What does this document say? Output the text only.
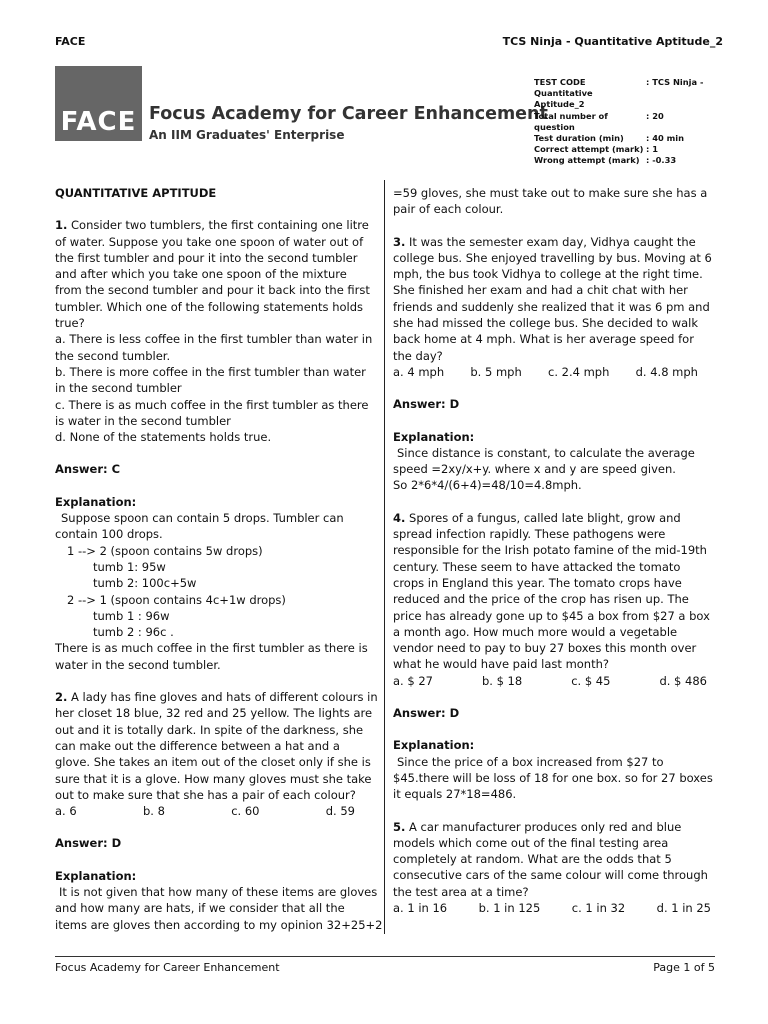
FACE	TCS Ninja - Quantitative Aptitude_2
FACE Focus Academy for Career Enhancement
An IIM Graduates' Enterprise
TEST CODE	: TCS Ninja -
Quantitative Aptitude_2
Total number of question
: 20
Test duration (min)	: 40 min
Correct attempt (mark) : 1
Wrong attempt (mark) : -0.33
QUANTITATIVE APTITUDE
1. Consider two tumblers, the first containing one litre
of water. Suppose you take one spoon of water out of
the first tumbler and pour it into the second tumbler
and after which you take one spoon of the mixture
from the second tumbler and pour it back into the first
tumbler. Which one of the following statements holds
true?
a. There is less coffee in the first tumbler than water in
the second tumbler.
b. There is more coffee in the first tumbler than water
in the second tumbler
c. There is as much coffee in the first tumbler as there
is water in the second tumbler
d. None of the statements holds true.
Answer: C
Explanation:
Suppose spoon can contain 5 drops. Tumbler can
contain 100 drops.
1 --> 2 (spoon contains 5w drops)
tumb 1: 95w
tumb 2: 100c+5w
2 --> 1 (spoon contains 4c+1w drops)
tumb 1 : 96w
tumb 2 : 96c .
There is as much coffee in the first tumbler as there is
water in the second tumbler.
2. A lady has fine gloves and hats of different colours in
her closet 18 blue, 32 red and 25 yellow. The lights are
out and it is totally dark. In spite of the darkness, she
can make out the difference between a hat and a
glove. She takes an item out of the closet only if she is
sure that it is a glove. How many gloves must she take
out to make sure that she has a pair of each colour?
a. 6	b. 8	c. 60	d. 59
Answer: D
Explanation:
It is not given that how many of these items are gloves
and how many are hats, if we consider that all the
items are gloves then according to my opinion 32+25+2
=59 gloves, she must take out to make sure she has a
pair of each colour.
3. It was the semester exam day, Vidhya caught the
college bus. She enjoyed travelling by bus. Moving at 6
mph, the bus took Vidhya to college at the right time.
She finished her exam and had a chit chat with her
friends and suddenly she realized that it was 6 pm and
she had missed the college bus. She decided to walk
back home at 4 mph. What is her average speed for
the day?
a. 4 mph b. 5 mph c. 2.4 mph d. 4.8 mph
Answer: D
Explanation:
Since distance is constant, to calculate the average
speed =2xy/x+y. where x and y are speed given.
So 2*6*4/(6+4)=48/10=4.8mph.
4. Spores of a fungus, called late blight, grow and
spread infection rapidly. These pathogens were
responsible for the Irish potato famine of the mid-19th
century. These seem to have attacked the tomato
crops in England this year. The tomato crops have
reduced and the price of the crop has risen up. The
price has already gone up to $45 a box from $27 a box
a month ago. How much more would a vegetable
vendor need to pay to buy 27 boxes this month over
what he would have paid last month?
a. $ 27	b. $ 18	c. $ 45	d. $ 486
Answer: D
Explanation:
Since the price of a box increased from $27 to
$45.there will be loss of 18 for one box. so for 27 boxes
it equals 27*18=486.
5. A car manufacturer produces only red and blue
models which come out of the final testing area
completely at random. What are the odds that 5
consecutive cars of the same colour will come through
the test area at a time?
a. 1 in 16	b. 1 in 125	c. 1 in 32	d. 1 in 25
Focus Academy for Career Enhancement	Page 1 of 5
